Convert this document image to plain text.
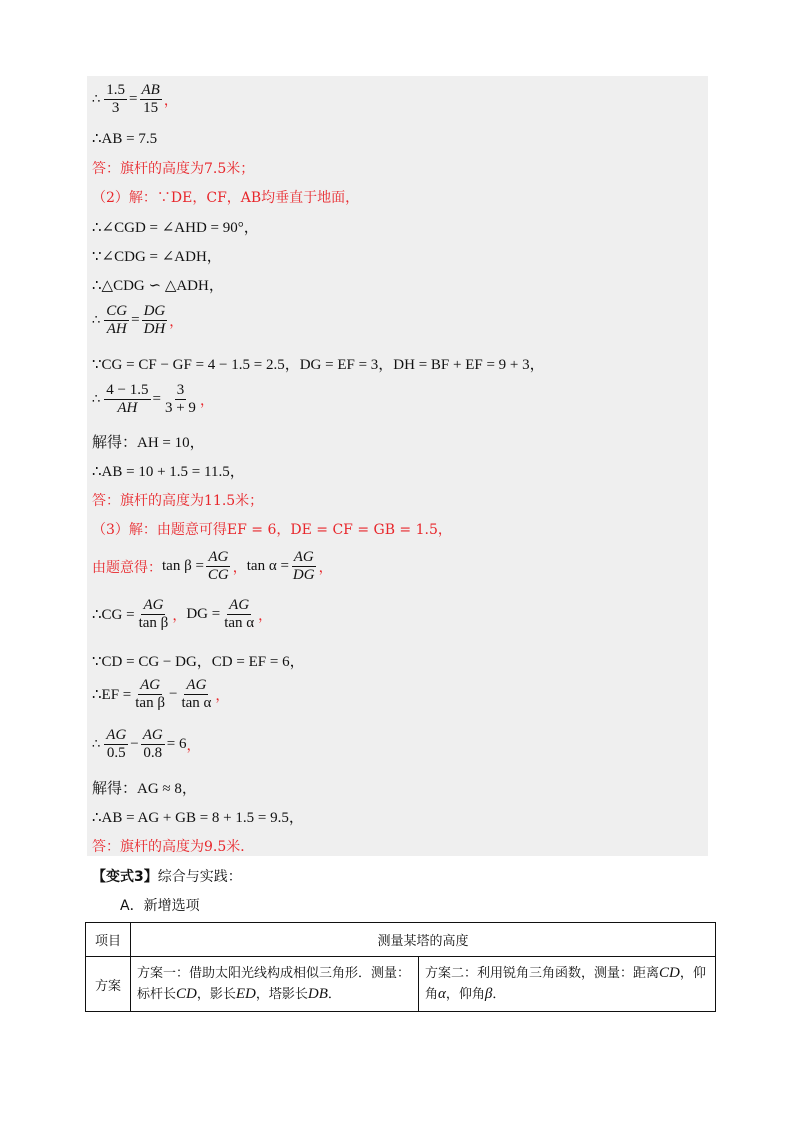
∴ $\frac{1.5}{3} = \frac{AB}{15}$ ，
∴AB = 7.5
答：旗杆的高度为7.5米；
（2）解：∵DE，CF，AB均垂直于地面，
∴∠CGD = ∠AHD = 90°，
∵∠CDG = ∠ADH，
∴△CDG ∽ △ADH，
∴ $\frac{CG}{AH} = \frac{DG}{DH}$ ，
∵CG = CF − GF = 4 − 1.5 = 2.5，DG = EF = 3，DH = BF + EF = 9 + 3，
∴ $\frac{4 - 1.5}{AH} = \frac{3}{3 + 9}$ ，
解得：AH = 10，
∴AB = 10 + 1.5 = 11.5，
答：旗杆的高度为11.5米；
（3）解：由题意可得EF = 6，DE = CF = GB = 1.5，
由题意得： $\tan \beta = \frac{AG}{CG}$ ， $\tan \alpha = \frac{AG}{DG}$ ，
∴CG = $\frac{AG}{\text{tan β}}$ ， DG = $\frac{AG}{\text{tan α}}$ ，
∵CD = CG − DG，CD = EF = 6，
∴EF = $\frac{AG}{\text{tan β}} - \frac{AG}{\text{tan α}}$ ，
∴ $\frac{AG}{0.5} - \frac{AG}{0.8} = 6$ ，
解得：AG ≈ 8，
∴AB = AG + GB = 8 + 1.5 = 9.5，
答：旗杆的高度为9.5米．
【变式3】综合与实践：
A．新增选项
项目	测量某塔的高度	
方案	方案一：借助太阳光线构成相似三角形．测量：标杆长CD，影长ED，塔影长DB．	方案二：利用锐角三角函数，测量：距离CD，仰角α，仰角β．
